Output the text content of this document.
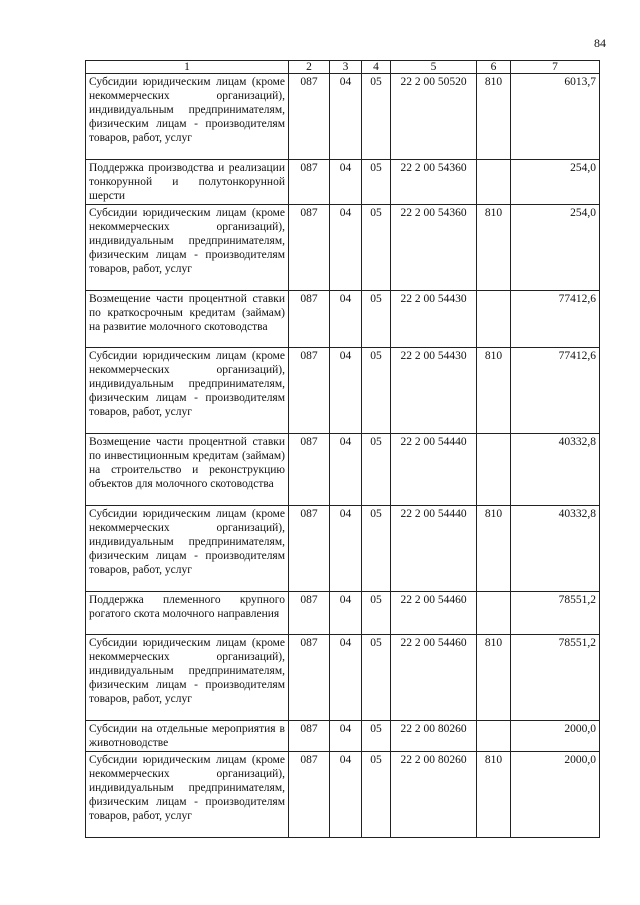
84
1	2	3	4	5	6	7
Субсидии юридическим лицам (кроме некоммерческих организаций), индивидуальным предпринимателям, физическим лицам - производителям товаров, работ, услуг	087	04	05	22 2 00 50520	810	6013,7
Поддержка производства и реализации тонкорунной и полутонкорунной шерсти	087	04	05	22 2 00 54360		254,0
Субсидии юридическим лицам (кроме некоммерческих организаций), индивидуальным предпринимателям, физическим лицам - производителям товаров, работ, услуг	087	04	05	22 2 00 54360	810	254,0
Возмещение части процентной ставки по краткосрочным кредитам (займам) на развитие молочного скотоводства	087	04	05	22 2 00 54430		77412,6
Субсидии юридическим лицам (кроме некоммерческих организаций), индивидуальным предпринимателям, физическим лицам - производителям товаров, работ, услуг	087	04	05	22 2 00 54430	810	77412,6
Возмещение части процентной ставки по инвестиционным кредитам (займам) на строительство и реконструкцию объектов для молочного скотоводства	087	04	05	22 2 00 54440		40332,8
Субсидии юридическим лицам (кроме некоммерческих организаций), индивидуальным предпринимателям, физическим лицам - производителям товаров, работ, услуг	087	04	05	22 2 00 54440	810	40332,8
Поддержка племенного крупного рогатого скота молочного направления	087	04	05	22 2 00 54460		78551,2
Субсидии юридическим лицам (кроме некоммерческих организаций), индивидуальным предпринимателям, физическим лицам - производителям товаров, работ, услуг	087	04	05	22 2 00 54460	810	78551,2
Субсидии на отдельные мероприятия в животноводстве	087	04	05	22 2 00 80260		2000,0
Субсидии юридическим лицам (кроме некоммерческих организаций), индивидуальным предпринимателям, физическим лицам - производителям товаров, работ, услуг	087	04	05	22 2 00 80260	810	2000,0
